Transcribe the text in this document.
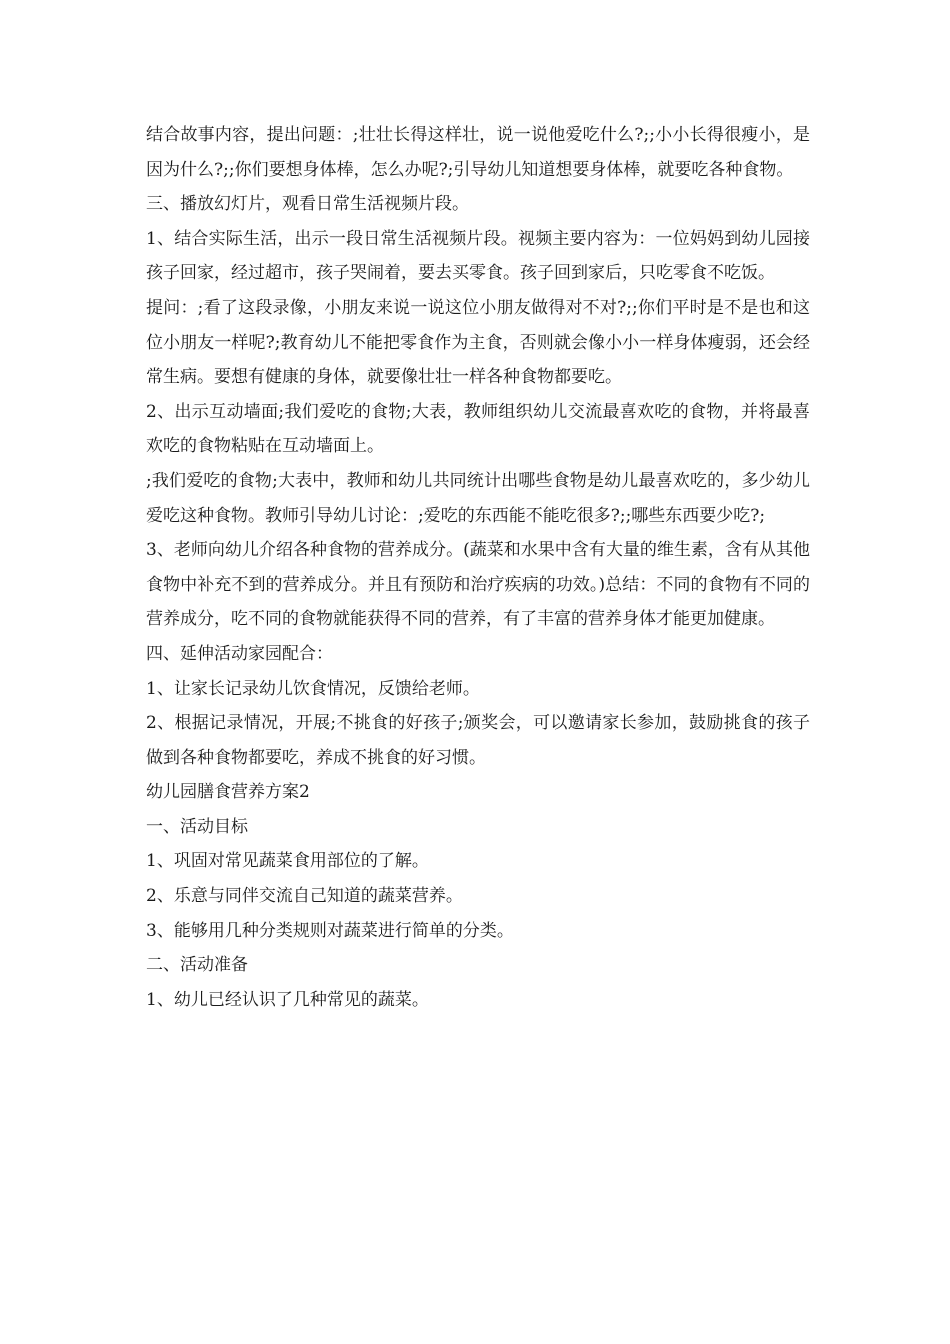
结合故事内容，提出问题：;壮壮长得这样壮，说一说他爱吃什么?;;小小长得很瘦小，是因为什么?;;你们要想身体棒，怎么办呢?;引导幼儿知道想要身体棒，就要吃各种食物。

三、播放幻灯片，观看日常生活视频片段。

1、结合实际生活，出示一段日常生活视频片段。视频主要内容为：一位妈妈到幼儿园接孩子回家，经过超市，孩子哭闹着，要去买零食。孩子回到家后，只吃零食不吃饭。

提问：;看了这段录像，小朋友来说一说这位小朋友做得对不对?;;你们平时是不是也和这位小朋友一样呢?;教育幼儿不能把零食作为主食，否则就会像小小一样身体瘦弱，还会经常生病。要想有健康的身体，就要像壮壮一样各种食物都要吃。

2、出示互动墙面;我们爱吃的食物;大表，教师组织幼儿交流最喜欢吃的食物，并将最喜欢吃的食物粘贴在互动墙面上。

;我们爱吃的食物;大表中，教师和幼儿共同统计出哪些食物是幼儿最喜欢吃的，多少幼儿爱吃这种食物。教师引导幼儿讨论：;爱吃的东西能不能吃很多?;;哪些东西要少吃?;

3、老师向幼儿介绍各种食物的营养成分。(蔬菜和水果中含有大量的维生素，含有从其他食物中补充不到的营养成分。并且有预防和治疗疾病的功效。)总结：不同的食物有不同的营养成分，吃不同的食物就能获得不同的营养，有了丰富的营养身体才能更加健康。

四、延伸活动家园配合：

1、让家长记录幼儿饮食情况，反馈给老师。

2、根据记录情况，开展;不挑食的好孩子;颁奖会，可以邀请家长参加，鼓励挑食的孩子做到各种食物都要吃，养成不挑食的好习惯。

幼儿园膳食营养方案2

一、活动目标

1、巩固对常见蔬菜食用部位的了解。

2、乐意与同伴交流自己知道的蔬菜营养。

3、能够用几种分类规则对蔬菜进行简单的分类。

二、活动准备

1、幼儿已经认识了几种常见的蔬菜。
